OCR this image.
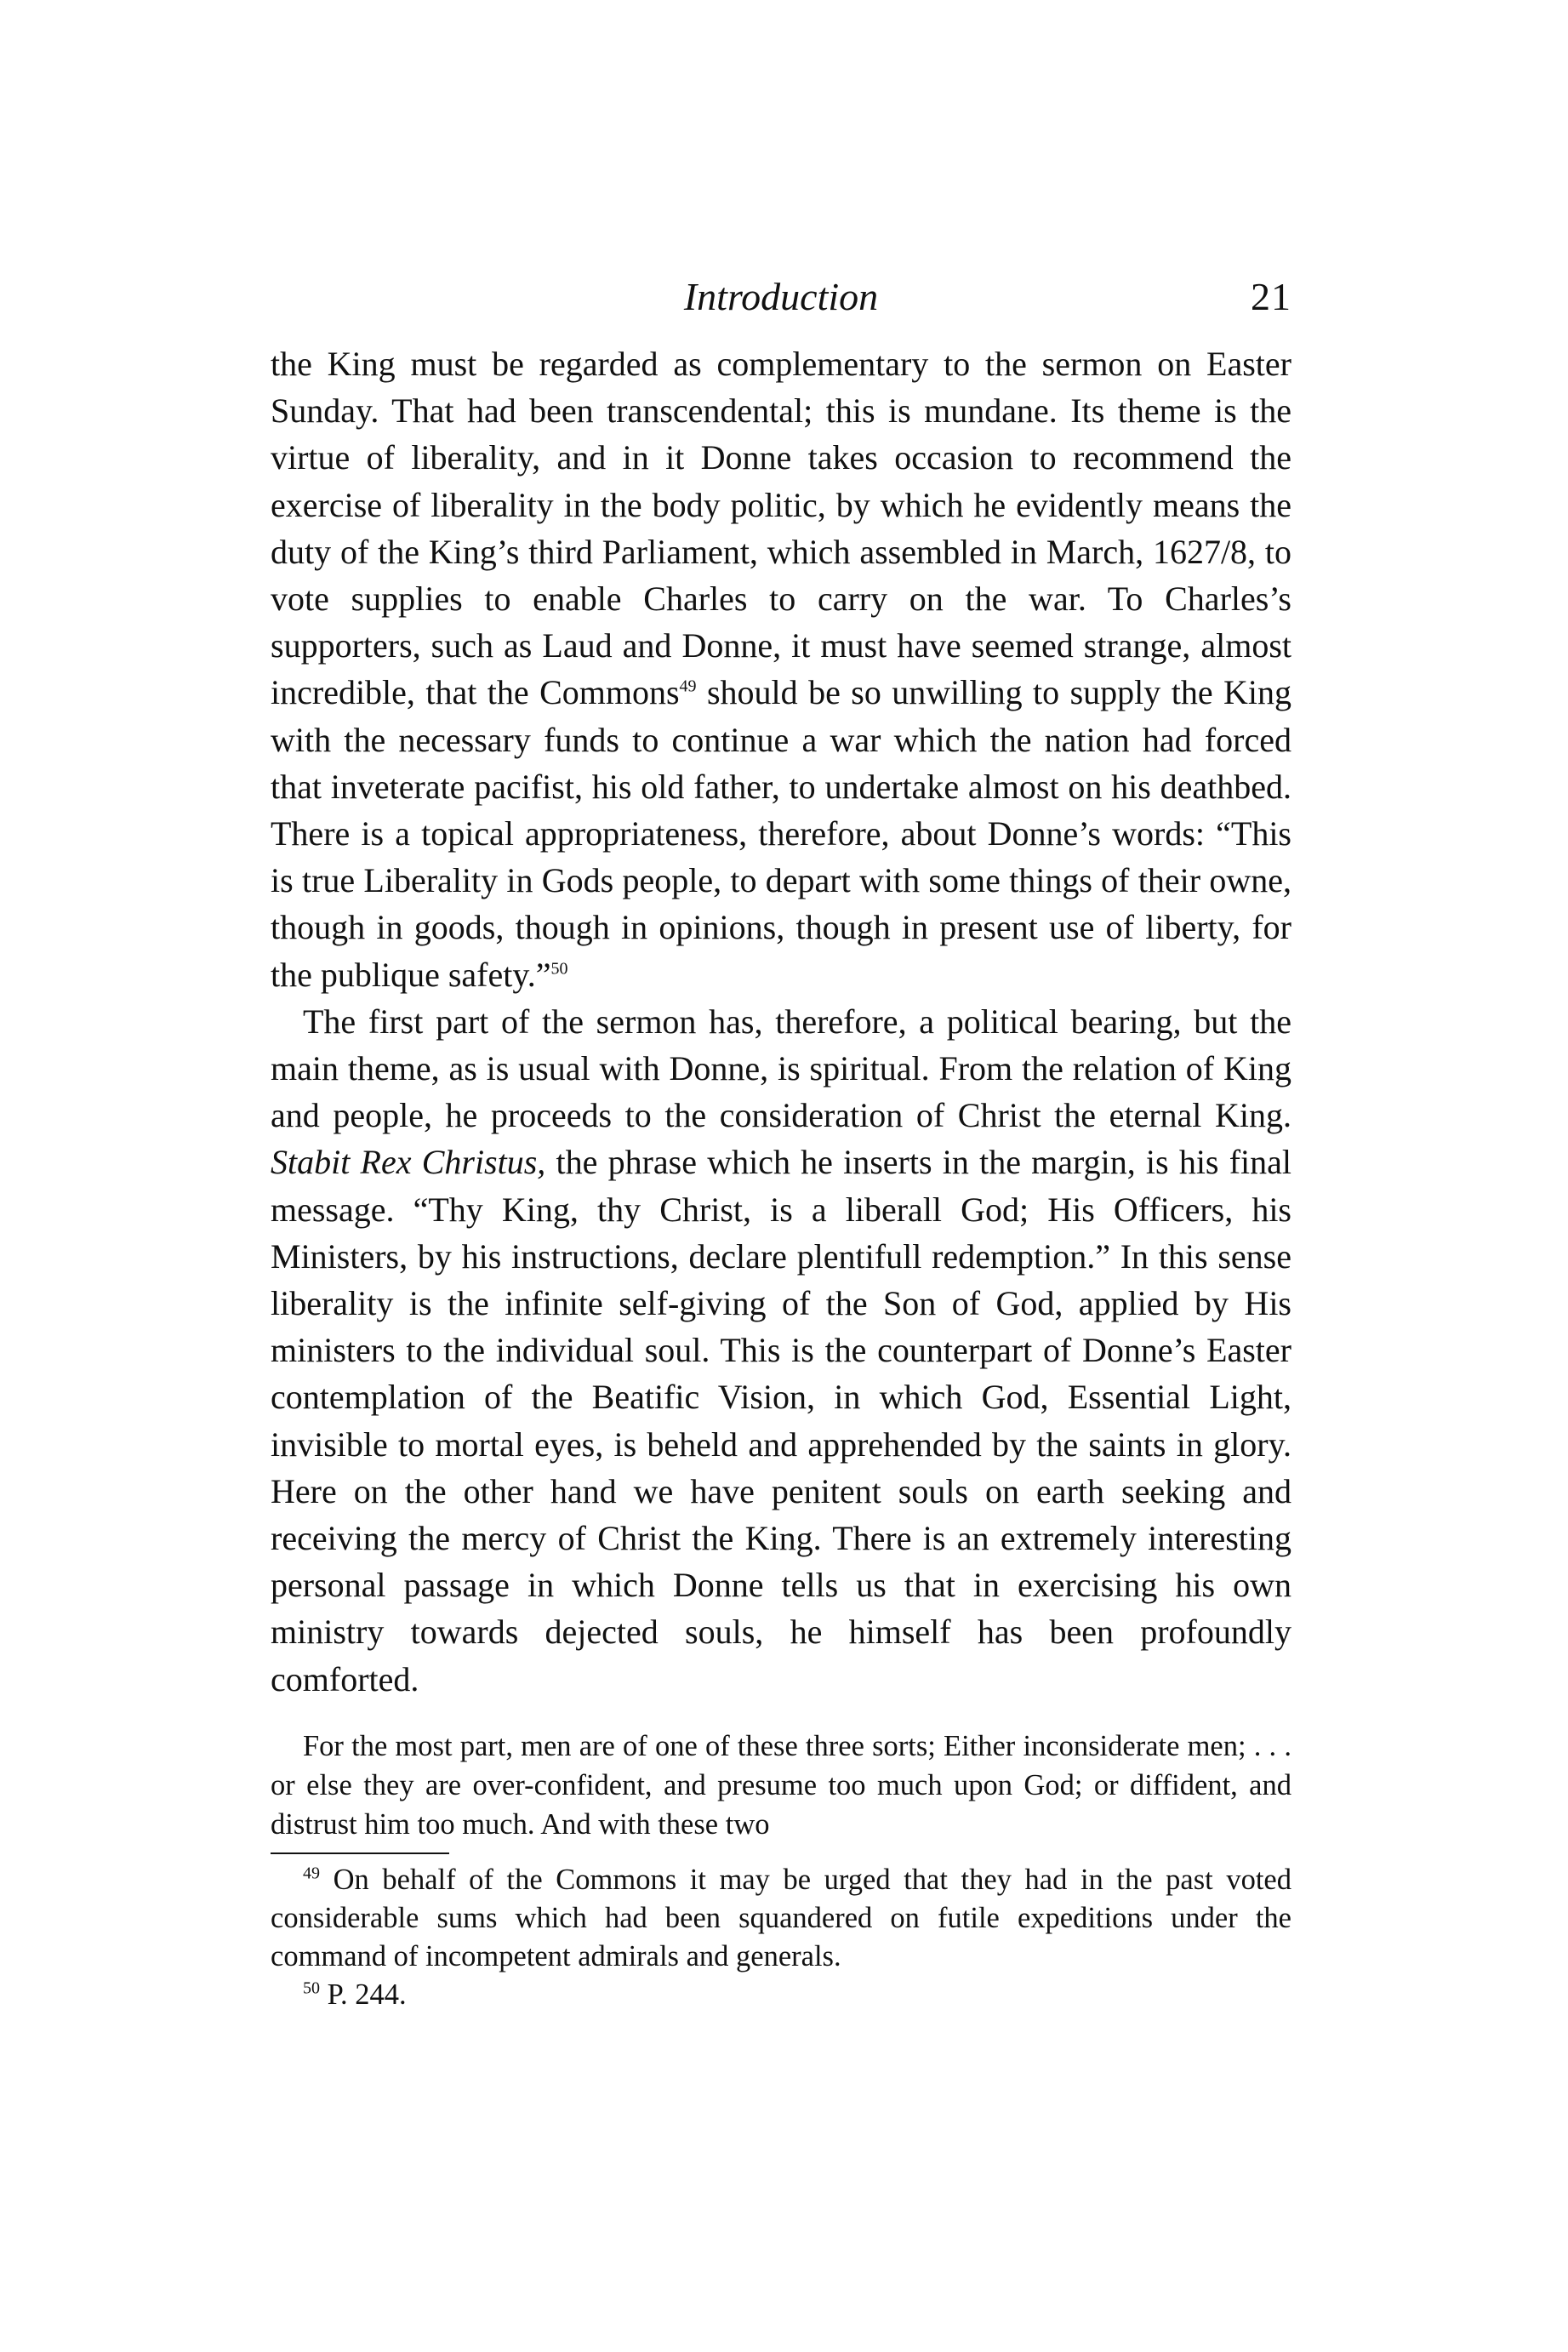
Introduction	21

the King must be regarded as complementary to the sermon on Easter Sunday. That had been transcendental; this is mundane. Its theme is the virtue of liberality, and in it Donne takes occasion to recommend the exercise of liberality in the body politic, by which he evidently means the duty of the King’s third Parliament, which assembled in March, 1627/8, to vote supplies to enable Charles to carry on the war. To Charles’s supporters, such as Laud and Donne, it must have seemed strange, almost incredible, that the Commons$^{49}$ should be so unwilling to supply the King with the necessary funds to continue a war which the nation had forced that inveterate pacifist, his old father, to undertake almost on his deathbed. There is a topical appropriateness, therefore, about Donne’s words: “This is true Liberality in Gods people, to depart with some things of their owne, though in goods, though in opinions, though in present use of liberty, for the publique safety.”$^{50}$

The first part of the sermon has, therefore, a political bearing, but the main theme, as is usual with Donne, is spiritual. From the relation of King and people, he proceeds to the consideration of Christ the eternal King. Stabit Rex Christus, the phrase which he inserts in the margin, is his final message. “Thy King, thy Christ, is a liberall God; His Officers, his Ministers, by his instructions, declare plentifull redemption.” In this sense liberality is the infinite self-giving of the Son of God, applied by His ministers to the individual soul. This is the counterpart of Donne’s Easter contemplation of the Beatific Vision, in which God, Essential Light, invisible to mortal eyes, is beheld and apprehended by the saints in glory. Here on the other hand we have penitent souls on earth seeking and receiving the mercy of Christ the King. There is an extremely interesting personal passage in which Donne tells us that in exercising his own ministry towards dejected souls, he himself has been profoundly comforted.

For the most part, men are of one of these three sorts; Either inconsiderate men; . . . or else they are over-confident, and presume too much upon God; or diffident, and distrust him too much. And with these two

$^{49}$ On behalf of the Commons it may be urged that they had in the past voted considerable sums which had been squandered on futile expeditions under the command of incompetent admirals and generals.

$^{50}$ P. 244.
